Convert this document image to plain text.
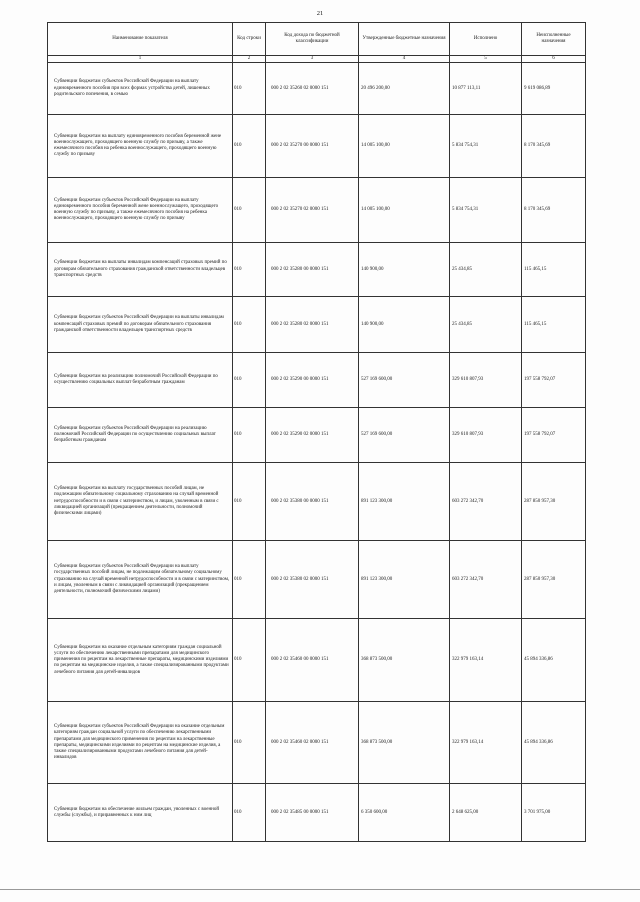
21
Наименование показателя	Код строки	Код дохода по бюджетной классификации	Утвержденные бюджетные назначения	Исполнено	Неисполненные назначения
1	2	3	4	5	6
Субвенции бюджетам субъектов Российской Федерации на выплату единовременного пособия при всех формах устройства детей, лишенных родительского попечения, в семью	010	000 2 02 35260 02 0000 151	20 496 200,00	10 877 113,11	9 619 086,89
Субвенции бюджетам на выплату единовременного пособия беременной жене военнослужащего, проходящего военную службу по призыву, а также ежемесячного пособия на ребенка военнослужащего, проходящего военную службу по призыву	010	000 2 02 35270 00 0000 151	14 005 100,00	5 834 754,31	8 170 345,69
Субвенции бюджетам субъектов Российской Федерации на выплату единовременного пособия беременной жене военнослужащего, проходящего военную службу по призыву, а также ежемесячного пособия на ребенка военнослужащего, проходящего военную службу по призыву	010	000 2 02 35270 02 0000 151	14 005 100,00	5 834 754,31	8 170 345,69
Субвенции бюджетам на выплаты инвалидам компенсаций страховых премий по договорам обязательного страхования гражданской ответственности владельцев транспортных средств	010	000 2 02 35280 00 0000 151	140 900,00	25 434,85	115 465,15
Субвенции бюджетам субъектов Российской Федерации на выплаты инвалидам компенсаций страховых премий по договорам обязательного страхования гражданской ответственности владельцев транспортных средств	010	000 2 02 35280 02 0000 151	140 900,00	25 434,85	115 465,15
Субвенции бюджетам на реализацию полномочий Российской Федерации по осуществлению социальных выплат безработным гражданам	010	000 2 02 35290 00 0000 151	527 169 600,00	329 610 807,93	197 558 792,07
Субвенции бюджетам субъектов Российской Федерации на реализацию полномочий Российской Федерации по осуществлению социальных выплат безработным гражданам	010	000 2 02 35290 02 0000 151	527 169 600,00	329 610 807,93	197 558 792,07
Субвенции бюджетам на выплату государственных пособий лицам, не подлежащим обязательному социальному страхованию на случай временной нетрудоспособности и в связи с материнством, и лицам, уволенным в связи с ликвидацией организаций (прекращением деятельности, полномочий физическими лицами)	010	000 2 02 35380 00 0000 151	891 123 300,00	603 272 342,70	287 850 957,30
Субвенции бюджетам субъектов Российской Федерации на выплату государственных пособий лицам, не подлежащим обязательному социальному страхованию на случай временной нетрудоспособности и в связи с материнством, и лицам, уволенным в связи с ликвидацией организаций (прекращением деятельности, полномочий физическими лицами)	010	000 2 02 35380 02 0000 151	891 123 300,00	603 272 342,70	287 850 957,30
Субвенции бюджетам на оказание отдельным категориям граждан социальной услуги по обеспечению лекарственными препаратами для медицинского применения по рецептам на лекарственные препараты, медицинскими изделиями по рецептам на медицинские изделия, а также специализированными продуктами лечебного питания для детей-инвалидов	010	000 2 02 35460 00 0000 151	368 873 500,00	322 979 163,14	45 894 336,86
Субвенции бюджетам субъектов Российской Федерации на оказание отдельным категориям граждан социальной услуги по обеспечению лекарственными препаратами для медицинского применения по рецептам на лекарственные препараты, медицинскими изделиями по рецептам на медицинские изделия, а также специализированными продуктами лечебного питания для детей-инвалидов	010	000 2 02 35460 02 0000 151	368 873 500,00	322 979 163,14	45 894 336,86
Субвенции бюджетам на обеспечение жильем граждан, уволенных с военной службы (службы), и приравненных к ним лиц	010	000 2 02 35485 00 0000 151	6 350 600,00	2 648 625,00	3 701 975,00
